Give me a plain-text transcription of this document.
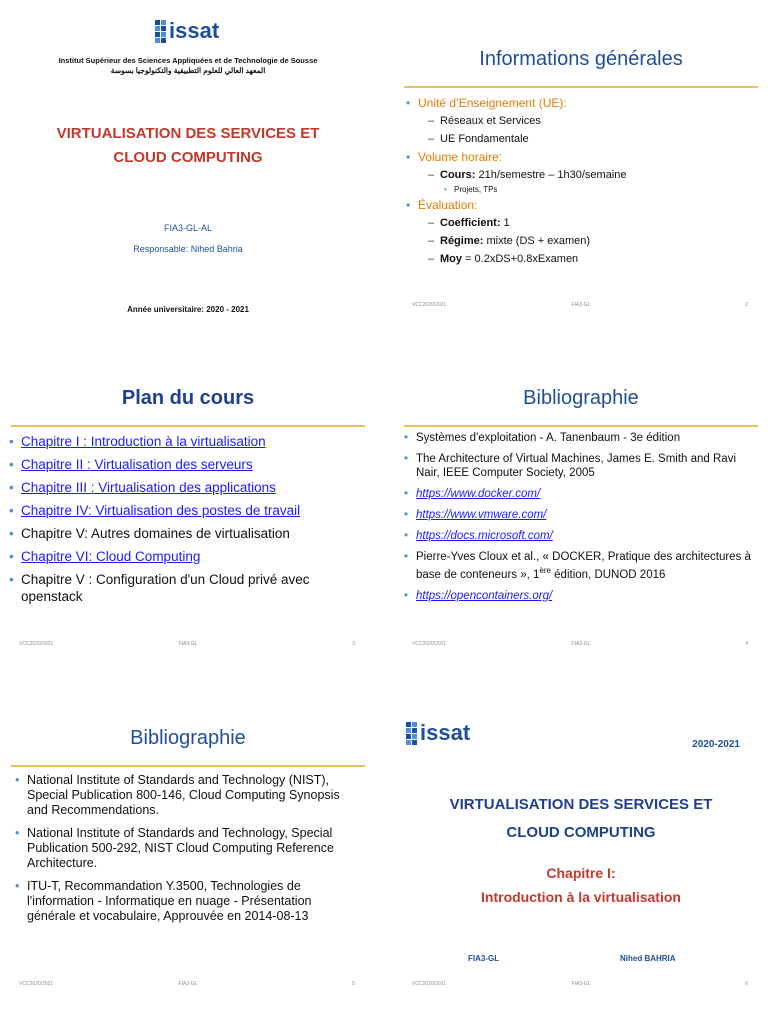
issat
Institut Supérieur des Sciences Appliquées et de Technologie de Sousse
المعهد العالي للعلوم التطبيقية والتكنولوجيا بسوسة
VIRTUALISATION DES SERVICES ET
CLOUD COMPUTING
FIA3-GL-AL
Responsable: Nihed Bahria
Année universitaire: 2020 - 2021
Informations générales
• Unité d’Enseignement (UE):
– Réseaux et Services
– UE Fondamentale
• Volume horaire:
– Cours: 21h/semestre – 1h30/semaine
• Projets, TPs
• Évaluation:
– Coefficient: 1
– Régime: mixte (DS + examen)
– Moy = 0.2xDS+0.8xExamen
VCC2020/2021	FIA3-GL	2
Plan du cours
• Chapitre I : Introduction à la virtualisation
• Chapitre II : Virtualisation des serveurs
• Chapitre III : Virtualisation des applications
• Chapitre IV: Virtualisation des postes de travail
• Chapitre V: Autres domaines de virtualisation
• Chapitre VI: Cloud Computing
• Chapitre V : Configuration d'un Cloud privé avec openstack
VCC2020/2021	FIA3-GL	3
Bibliographie
• Systèmes d'exploitation - A. Tanenbaum - 3e édition
• The Architecture of Virtual Machines, James E. Smith and Ravi Nair, IEEE Computer Society, 2005
• https://www.docker.com/
• https://www.vmware.com/
• https://docs.microsoft.com/
• Pierre-Yves Cloux et al., « DOCKER, Pratique des architectures à base de conteneurs », 1ère édition, DUNOD 2016
• https://opencontainers.org/
VCC2020/2021	FIA3-GL	4
Bibliographie
• National Institute of Standards and Technology (NIST), Special Publication 800-146, Cloud Computing Synopsis and Recommendations.
• National Institute of Standards and Technology, Special Publication 500-292, NIST Cloud Computing Reference Architecture.
• ITU-T, Recommandation Y.3500, Technologies de l'information - Informatique en nuage - Présentation générale et vocabulaire, Approuvée en 2014-08-13
VCC2020/2021	FIA3-GL	5
issat	2020-2021
VIRTUALISATION DES SERVICES ET
CLOUD COMPUTING
Chapitre I:
Introduction à la virtualisation
FIA3-GL	Nihed BAHRIA
VCC2020/2021	FIA3-GL	6
